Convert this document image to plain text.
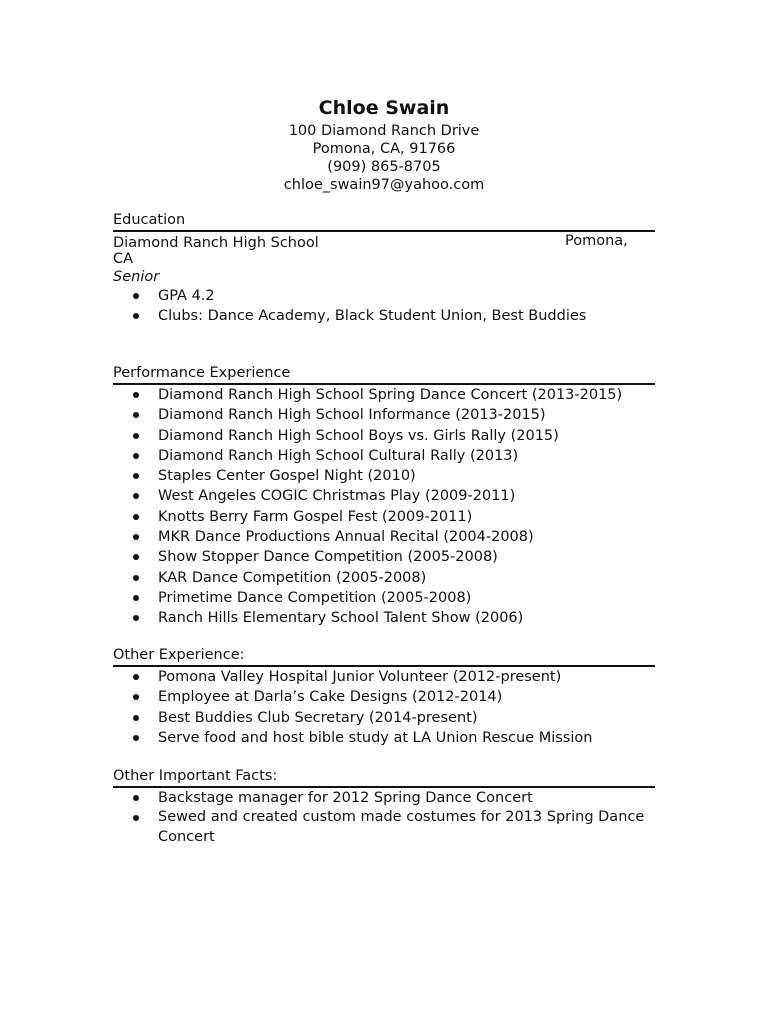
Chloe Swain

100 Diamond Ranch Drive

Pomona, CA, 91766

(909) 865-8705

chloe_swain97@yahoo.com

Education

Diamond Ranch High School	Pomona,

CA

Senior

GPA 4.2
Clubs: Dance Academy, Black Student Union, Best Buddies

Performance Experience

Diamond Ranch High School Spring Dance Concert (2013-2015)
Diamond Ranch High School Informance (2013-2015)
Diamond Ranch High School Boys vs. Girls Rally (2015)
Diamond Ranch High School Cultural Rally (2013)
Staples Center Gospel Night (2010)
West Angeles COGIC Christmas Play (2009-2011)
Knotts Berry Farm Gospel Fest (2009-2011)
MKR Dance Productions Annual Recital (2004-2008)
Show Stopper Dance Competition (2005-2008)
KAR Dance Competition (2005-2008)
Primetime Dance Competition (2005-2008)
Ranch Hills Elementary School Talent Show (2006)

Other Experience:

Pomona Valley Hospital Junior Volunteer (2012-present)
Employee at Darla’s Cake Designs (2012-2014)
Best Buddies Club Secretary (2014-present)
Serve food and host bible study at LA Union Rescue Mission

Other Important Facts:

Backstage manager for 2012 Spring Dance Concert
Sewed and created custom made costumes for 2013 Spring Dance Concert
